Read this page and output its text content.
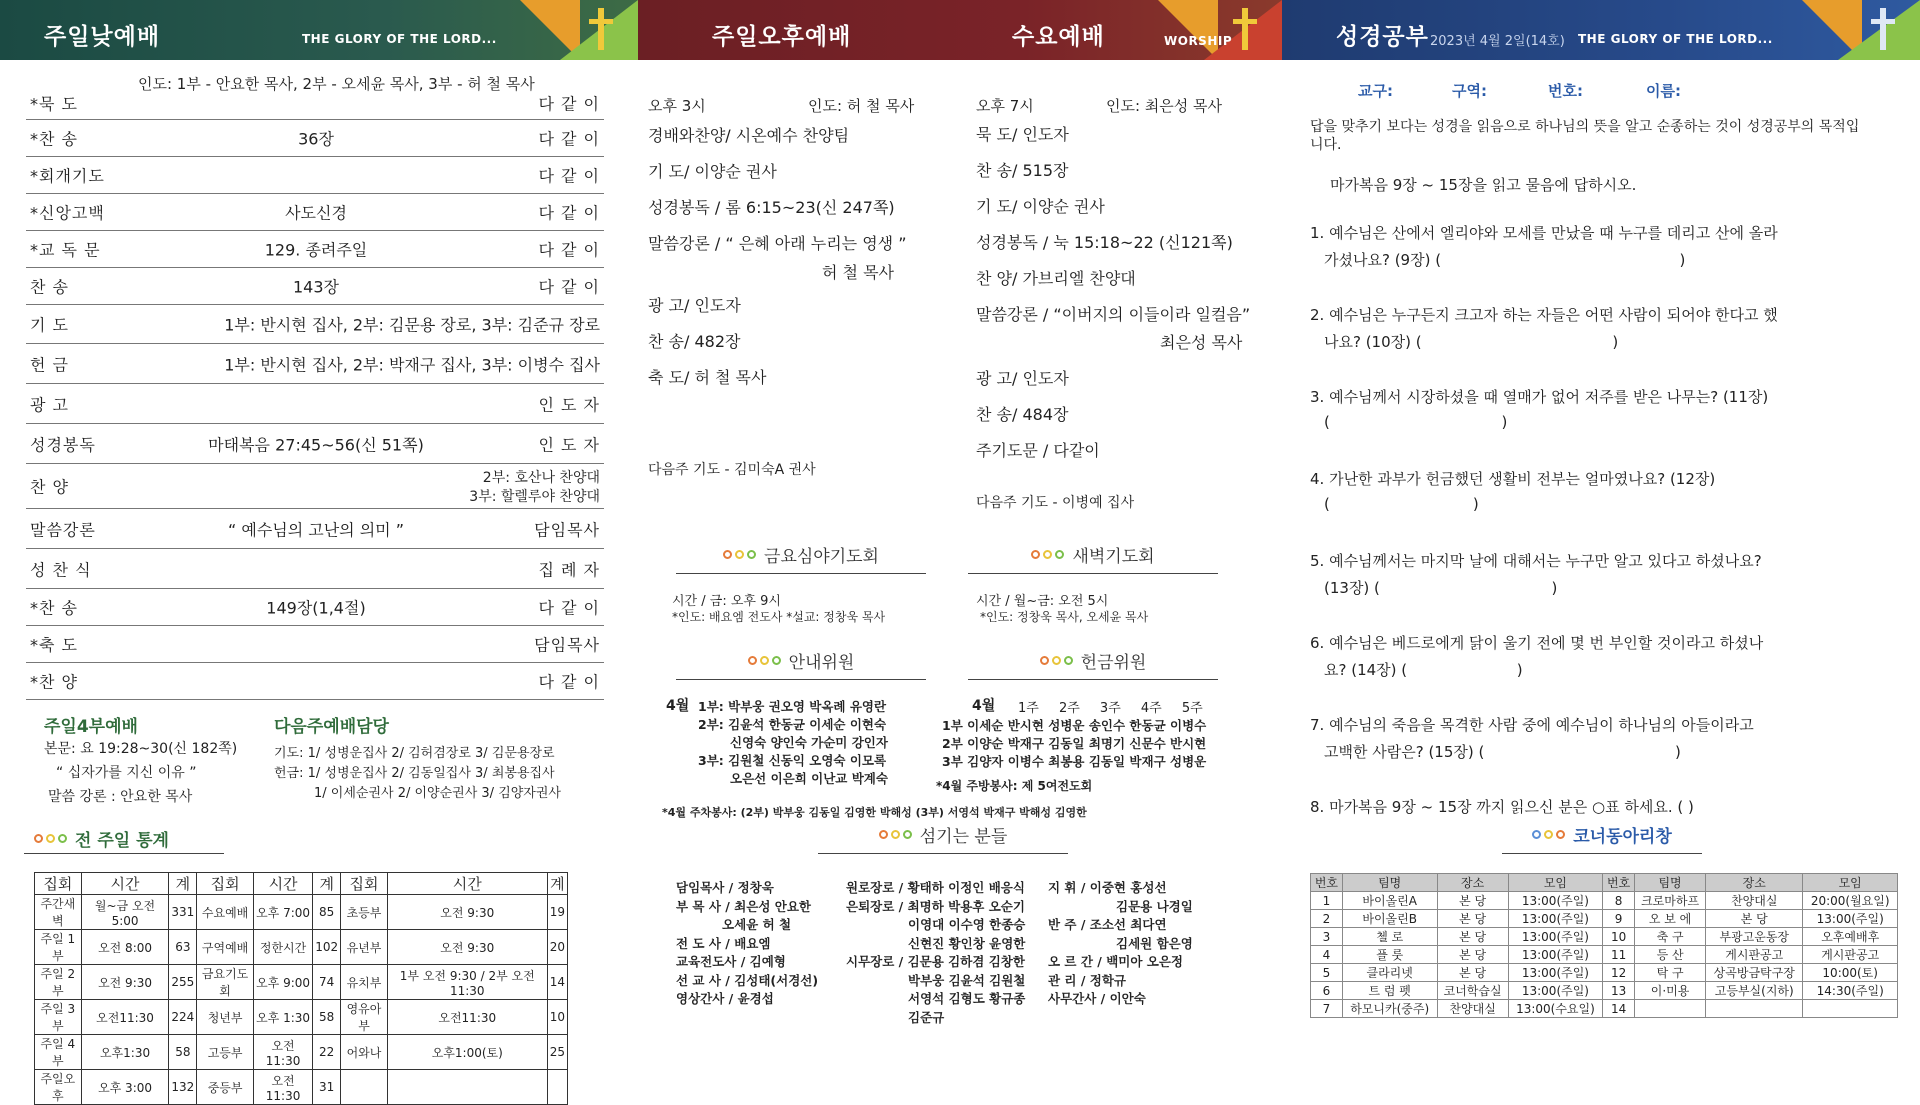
주일낮예배	THE GLORY OF THE LORD...	주일오후예배	수요예배	WORSHIP	성경공부 2023년 4월 2일(14호) THE GLORY OF THE LORD...
인도: 1부 - 안요한 목사, 2부 - 오세윤 목사, 3부 - 허 철 목사
*묵 도	다 같 이
*찬 송	36장	다 같 이
*회개기도	다 같 이
*신앙고백	사도신경	다 같 이
*교 독 문	129. 종려주일	다 같 이
찬 송	143장	다 같 이
기 도	1부: 반시현 집사, 2부: 김문용 장로, 3부: 김준규 장로
헌 금	1부: 반시현 집사, 2부: 박재구 집사, 3부: 이병수 집사
광 고	인 도 자
성경봉독	마태복음 27:45~56(신 51쪽)	인 도 자
찬 양	2부: 호산나 찬양대
3부: 할렐루야 찬양대
말씀강론	“ 예수님의 고난의 의미 ”	담임목사
성 찬 식	집 례 자
*찬 송	149장(1,4절)	다 같 이
*축 도	담임목사
*찬 양	다 같 이
주일4부예배
본문: 요 19:28~30(신 182쪽)
“ 십자가를 지신 이유 ”
말씀 강론 : 안요한 목사
다음주예배담당
기도: 1/ 성병운집사 2/ 김허겸장로 3/ 김문용장로
헌금: 1/ 성병운집사 2/ 김동일집사 3/ 최봉용집사
1/ 이세순권사 2/ 이양순권사 3/ 김양자권사
전 주일 통계
집회	시간	계	집회	시간	계	집회	시간	계
주간새벽	월~금 오전 5:00	331	수요예배	오후 7:00	85	초등부	오전 9:30	19
주일 1부	오전 8:00	63	구역예배	정한시간	102	유년부	오전 9:30	20
주일 2부	오전 9:30	255	금요기도회	오후 9:00	74	유치부	1부 오전 9:30 / 2부 오전 11:30	14
주일 3부	오전11:30	224	청년부	오후 1:30	58	영유아부	오전11:30	10
주일 4부	오후1:30	58	고등부	오전11:30	22	어와나	오후1:00(토)	25
주일오후	오후 3:00	132	중등부	오전11:30	31			
오후 3시	인도: 허 철 목사
경배와찬양/ 시온예수 찬양팀
기 도/ 이양순 권사
성경봉독 / 롬 6:15~23(신 247쪽)
말씀강론 / “ 은혜 아래 누리는 영생 ”
허 철 목사
광 고/ 인도자
찬 송/ 482장
축 도/ 허 철 목사
다음주 기도 - 김미숙A 권사
오후 7시	인도: 최은성 목사
묵 도/ 인도자
찬 송/ 515장
기 도/ 이양순 권사
성경봉독 / 눅 15:18~22 (신121쪽)
찬 양/ 가브리엘 찬양대
말씀강론 / “이버지의 이들이라 일컬음”
최은성 목사
광 고/ 인도자
찬 송/ 484장
주기도문 / 다같이
다음주 기도 - 이병예 집사
금요심야기도회
시간 / 금: 오후 9시
*인도: 배요엠 전도사 *설교: 정창욱 목사
새벽기도회
시간 / 월~금: 오전 5시
*인도: 정창욱 목사, 오세윤 목사
안내위원
4월 1부: 박부웅 권오영 박옥례 유영란
2부: 김윤석 한동균 이세순 이현숙
신영숙 양인숙 가순미 강인자
3부: 김원철 신동익 오영숙 이모록
오은선 이은희 이난교 박계숙
헌금위원
4월 1주 2주 3주 4주 5주
1부 이세순 반시현 성병운 송인수 한동균 이병수
2부 이양순 박재구 김동일 최명기 신문수 반시현
3부 김양자 이병수 최봉용 김동일 박재구 성병운
*4월 주방봉사: 제 5여전도회
*4월 주차봉사: (2부) 박부웅 김동일 김영한 박해성 (3부) 서영석 박재구 박해성 김영한
섬기는 분들
담임목사 / 정창욱
부 목 사 / 최은성 안요한
오세윤 허 철
전 도 사 / 배요엠
교육전도사 / 김예형
선 교 사 / 김성태(서경선)
영상간사 / 윤경섭
원로장로 / 황태하 이정인 배응식
은퇴장로 / 최명하 박용후 오순기
이영대 이수영 한종승
신현진 황인창 윤영한
시무장로 / 김문용 김하겸 김창한
박부웅 김윤석 김원철
서영석 김형도 황규종
김준규
지 휘 / 이중현 홍성선
김문용 나경일
반 주 / 조소선 최다연
김세원 함은영
오 르 간 / 백미아 오은정
관 리 / 정학규
사무간사 / 이안숙
교구:	구역:	번호:	이름:
답을 맞추기 보다는 성경을 읽음으로 하나님의 뜻을 알고 순종하는 것이 성경공부의 목적입니다.
마가복음 9장 ~ 15장을 읽고 물음에 답하시오.
1. 예수님은 산에서 엘리야와 모세를 만났을 때 누구를 데리고 산에 올라
가셨나요? (9장) (                                                  )
2. 예수님은 누구든지 크고자 하는 자들은 어떤 사람이 되어야 한다고 했
나요? (10장) (                                        )
3. 예수님께서 시장하셨을 때 열매가 없어 저주를 받은 나무는? (11장)
(                                    )
4. 가난한 과부가 헌금했던 생활비 전부는 얼마였나요? (12장)
(                              )
5. 예수님께서는 마지막 날에 대해서는 누구만 알고 있다고 하셨나요?
(13장) (                                    )
6. 예수님은 베드로에게 닭이 울기 전에 몇 번 부인할 것이라고 하셨나
요? (14장) (                       )
7. 예수님의 죽음을 목격한 사람 중에 예수님이 하나님의 아들이라고
고백한 사람은? (15장) (                                        )
8. 마가복음 9장 ~ 15장 까지 읽으신 분은 ○표 하세요. ( )
코너동아리창
번호	팀명	장소	모임	번호	팀명	장소	모임
1	바이올린A	본 당	13:00(주일)	8	크로마하프	찬양대실	20:00(월요일)
2	바이올린B	본 당	13:00(주일)	9	오 보 에	본 당	13:00(주일)
3	첼 로	본 당	13:00(주일)	10	축 구	부광고운동장	오후예배후
4	플 룻	본 당	13:00(주일)	11	등 산	게시판공고	게시판공고
5	클라리넷	본 당	13:00(주일)	12	탁 구	상곡방금탁구장	10:00(토)
6	트 럼 펫	코너학습실	13:00(주일)	13	이·미용	고등부실(지하)	14:30(주일)
7	하모니카(중주)	찬양대실	13:00(수요일)	14			
